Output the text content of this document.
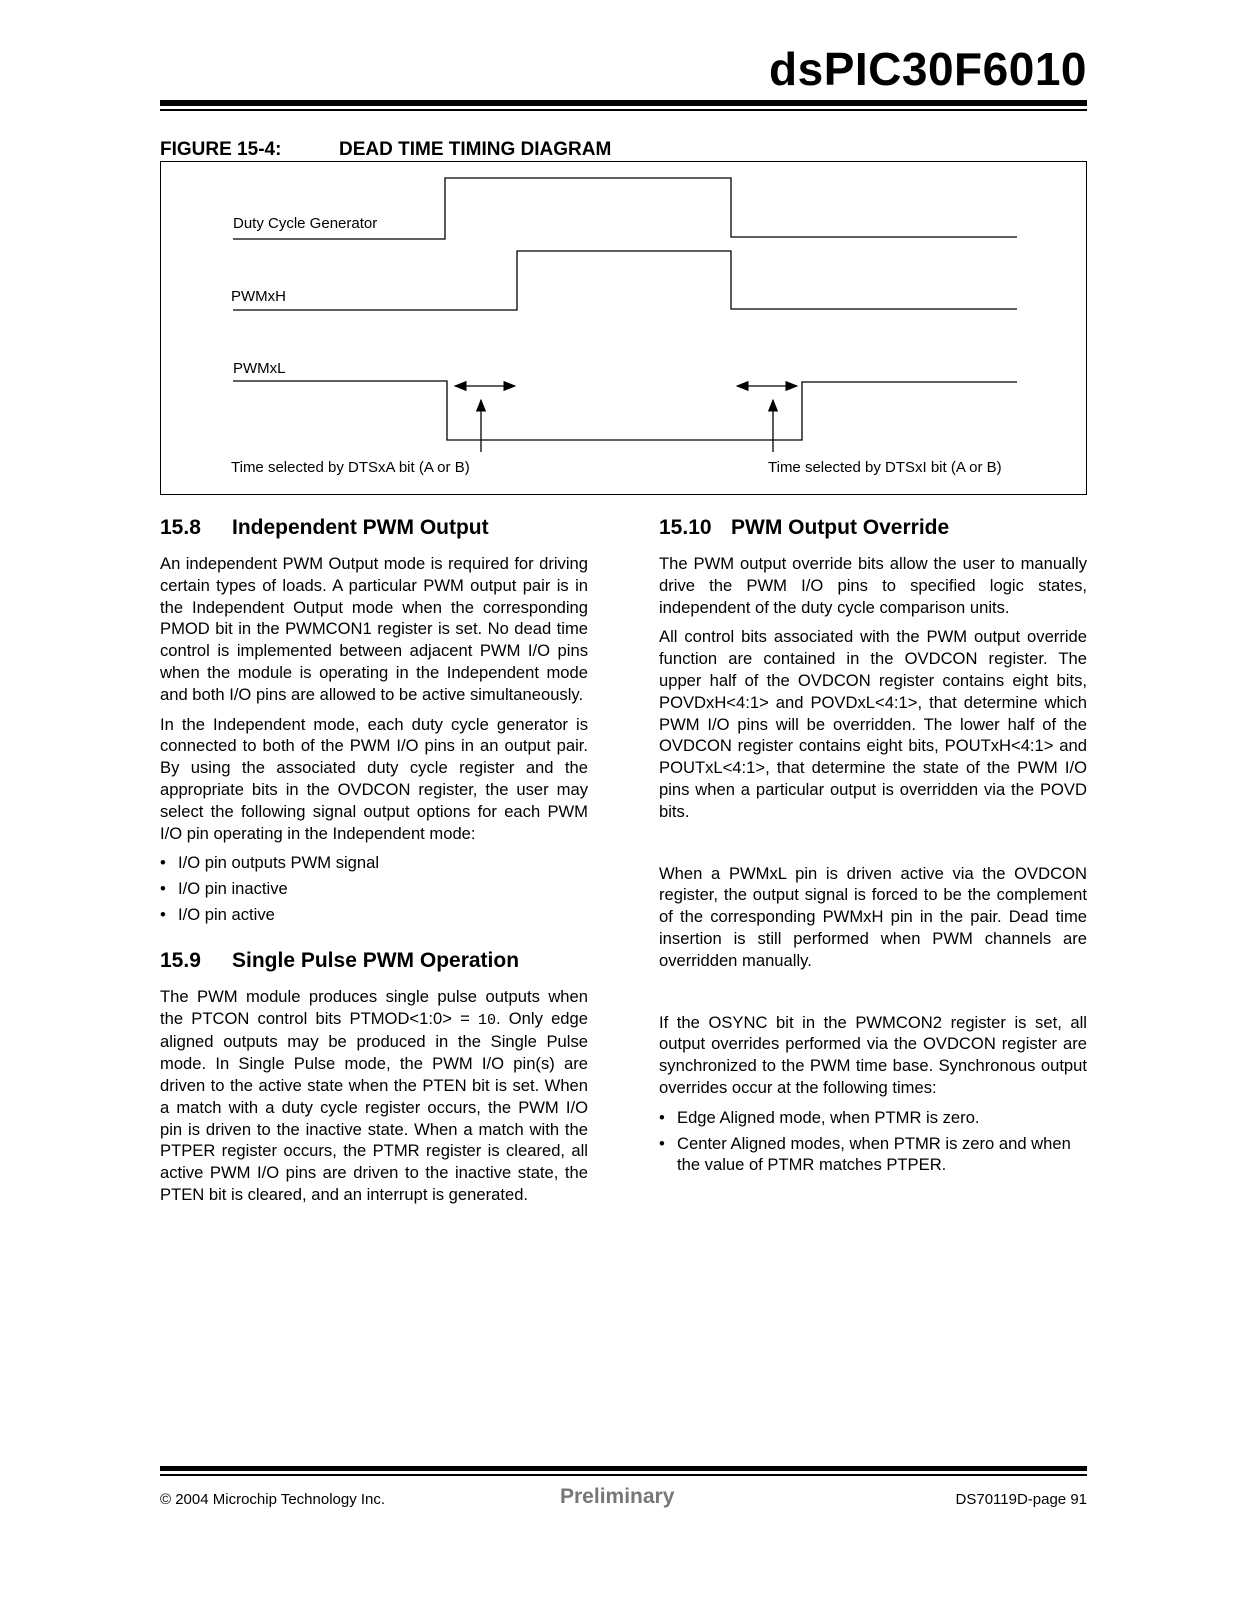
dsPIC30F6010
FIGURE 15-4:	DEAD TIME TIMING DIAGRAM
Duty Cycle Generator
PWMxH
PWMxL
Time selected by DTSxA bit (A or B)	Time selected by DTSxI bit (A or B)
15.8 Independent PWM Output

An independent PWM Output mode is required for driving certain types of loads. A particular PWM output pair is in the Independent Output mode when the corresponding PMOD bit in the PWMCON1 register is set. No dead time control is implemented between adjacent PWM I/O pins when the module is operating in the Independent mode and both I/O pins are allowed to be active simultaneously.

In the Independent mode, each duty cycle generator is connected to both of the PWM I/O pins in an output pair. By using the associated duty cycle register and the appropriate bits in the OVDCON register, the user may select the following signal output options for each PWM I/O pin operating in the Independent mode:

• I/O pin outputs PWM signal
• I/O pin inactive
• I/O pin active
15.9 Single Pulse PWM Operation

The PWM module produces single pulse outputs when the PTCON control bits PTMOD<1:0> = 10. Only edge aligned outputs may be produced in the Single Pulse mode. In Single Pulse mode, the PWM I/O pin(s) are driven to the active state when the PTEN bit is set. When a match with a duty cycle register occurs, the PWM I/O pin is driven to the inactive state. When a match with the PTPER register occurs, the PTMR register is cleared, all active PWM I/O pins are driven to the inactive state, the PTEN bit is cleared, and an interrupt is generated.

15.10 PWM Output Override

The PWM output override bits allow the user to manually drive the PWM I/O pins to specified logic states, independent of the duty cycle comparison units.

All control bits associated with the PWM output override function are contained in the OVDCON register. The upper half of the OVDCON register contains eight bits, POVDxH<4:1> and POVDxL<4:1>, that determine which PWM I/O pins will be overridden. The lower half of the OVDCON register contains eight bits, POUTxH<4:1> and POUTxL<4:1>, that determine the state of the PWM I/O pins when a particular output is overridden via the POVD bits.

When a PWMxL pin is driven active via the OVDCON register, the output signal is forced to be the complement of the corresponding PWMxH pin in the pair. Dead time insertion is still performed when PWM channels are overridden manually.

If the OSYNC bit in the PWMCON2 register is set, all output overrides performed via the OVDCON register are synchronized to the PWM time base. Synchronous output overrides occur at the following times:

• Edge Aligned mode, when PTMR is zero.
• Center Aligned modes, when PTMR is zero and when the value of PTMR matches PTPER.
© 2004 Microchip Technology Inc.	Preliminary	DS70119D-page 91
